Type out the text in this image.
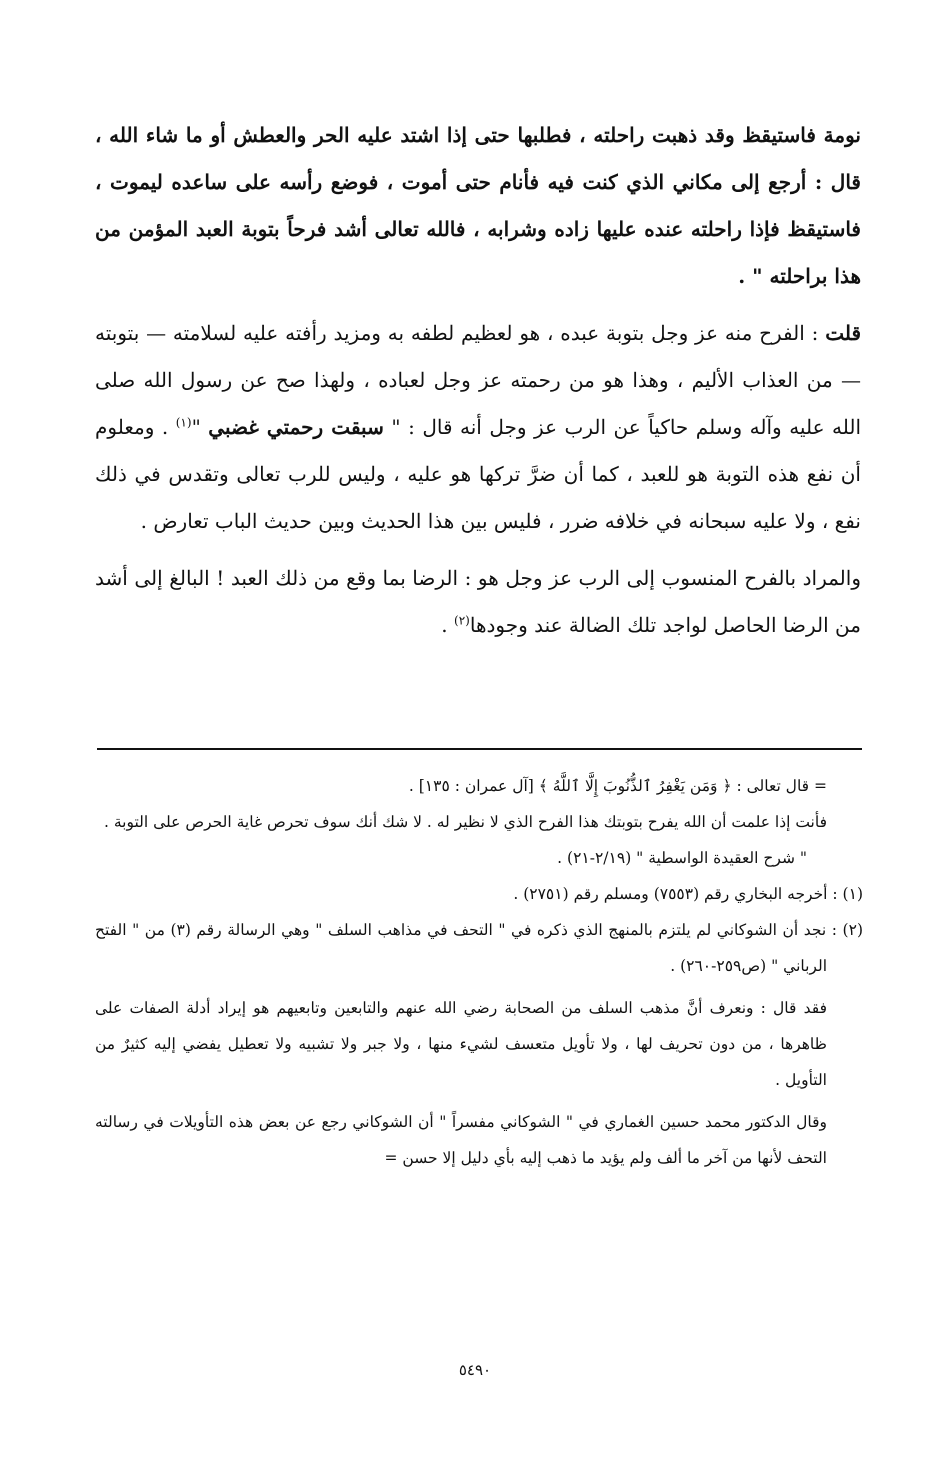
نومة فاستيقظ وقد ذهبت راحلته ، فطلبها حتى إذا اشتد عليه الحر والعطش أو ما شاء الله ، قال : أرجع إلى مكاني الذي كنت فيه فأنام حتى أموت ، فوضع رأسه على ساعده ليموت ، فاستيقظ فإذا راحلته عنده عليها زاده وشرابه ، فالله تعالى أشد فرحاً بتوبة العبد المؤمن من هذا براحلته " .

قلت : الفرح منه عز وجل بتوبة عبده ، هو لعظيم لطفه به ومزيد رأفته عليه لسلامته — بتوبته — من العذاب الأليم ، وهذا هو من رحمته عز وجل لعباده ، ولهذا صح عن رسول الله صلى الله عليه وآله وسلم حاكياً عن الرب عز وجل أنه قال : " سبقت رحمتي غضبي "$^{(١)}$ . ومعلوم أن نفع هذه التوبة هو للعبد ، كما أن ضرَّ تركها هو عليه ، وليس للرب تعالى وتقدس في ذلك نفع ، ولا عليه سبحانه في خلافه ضرر ، فليس بين هذا الحديث وبين حديث الباب تعارض .

والمراد بالفرح المنسوب إلى الرب عز وجل هو : الرضا بما وقع من ذلك العبد ! البالغ إلى أشد من الرضا الحاصل لواجد تلك الضالة عند وجودها$^{(٢)}$ .

= قال تعالى : ﴿ وَمَن يَغْفِرُ ٱلذُّنُوبَ إِلَّا ٱللَّهُ ﴾ [آل عمران : ١٣٥] .

فأنت إذا علمت أن الله يفرح بتوبتك هذا الفرح الذي لا نظير له . لا شك أنك سوف تحرص غاية الحرص على التوبة .

" شرح العقيدة الواسطية " (٢/١٩-٢١) .

(١) : أخرجه البخاري رقم (٧٥٥٣) ومسلم رقم (٢٧٥١) .

(٢) : نجد أن الشوكاني لم يلتزم بالمنهج الذي ذكره في " التحف في مذاهب السلف " وهي الرسالة رقم (٣) من " الفتح الرباني " (ص٢٥٩-٢٦٠) .

فقد قال : ونعرف أنَّ مذهب السلف من الصحابة رضي الله عنهم والتابعين وتابعيهم هو إيراد أدلة الصفات على ظاهرها ، من دون تحريف لها ، ولا تأويل متعسف لشيء منها ، ولا جبر ولا تشبيه ولا تعطيل يفضي إليه كثيرٌ من التأويل .

وقال الدكتور محمد حسين الغماري في " الشوكاني مفسراً " أن الشوكاني رجع عن بعض هذه التأويلات في رسالته التحف لأنها من آخر ما ألف ولم يؤيد ما ذهب إليه بأي دليل إلا حسن =

٥٤٩٠
